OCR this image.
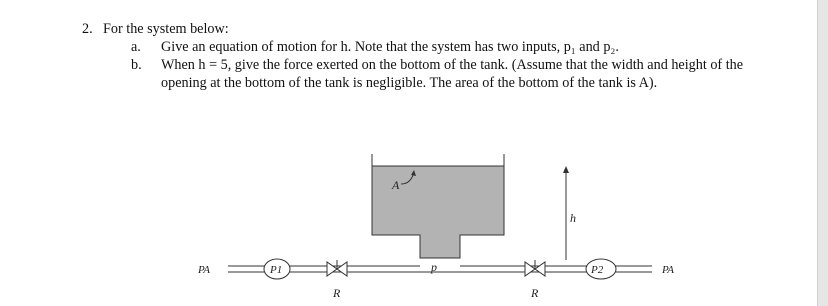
2. For the system below:
a. Give an equation of motion for h. Note that the system has two inputs, p₁ and p₂.
b. When h = 5, give the force exerted on the bottom of the tank. (Assume that the width and height of the opening at the bottom of the tank is negligible. The area of the bottom of the tank is A).
A
h
p
P1	P2
R	R
PA	PA
